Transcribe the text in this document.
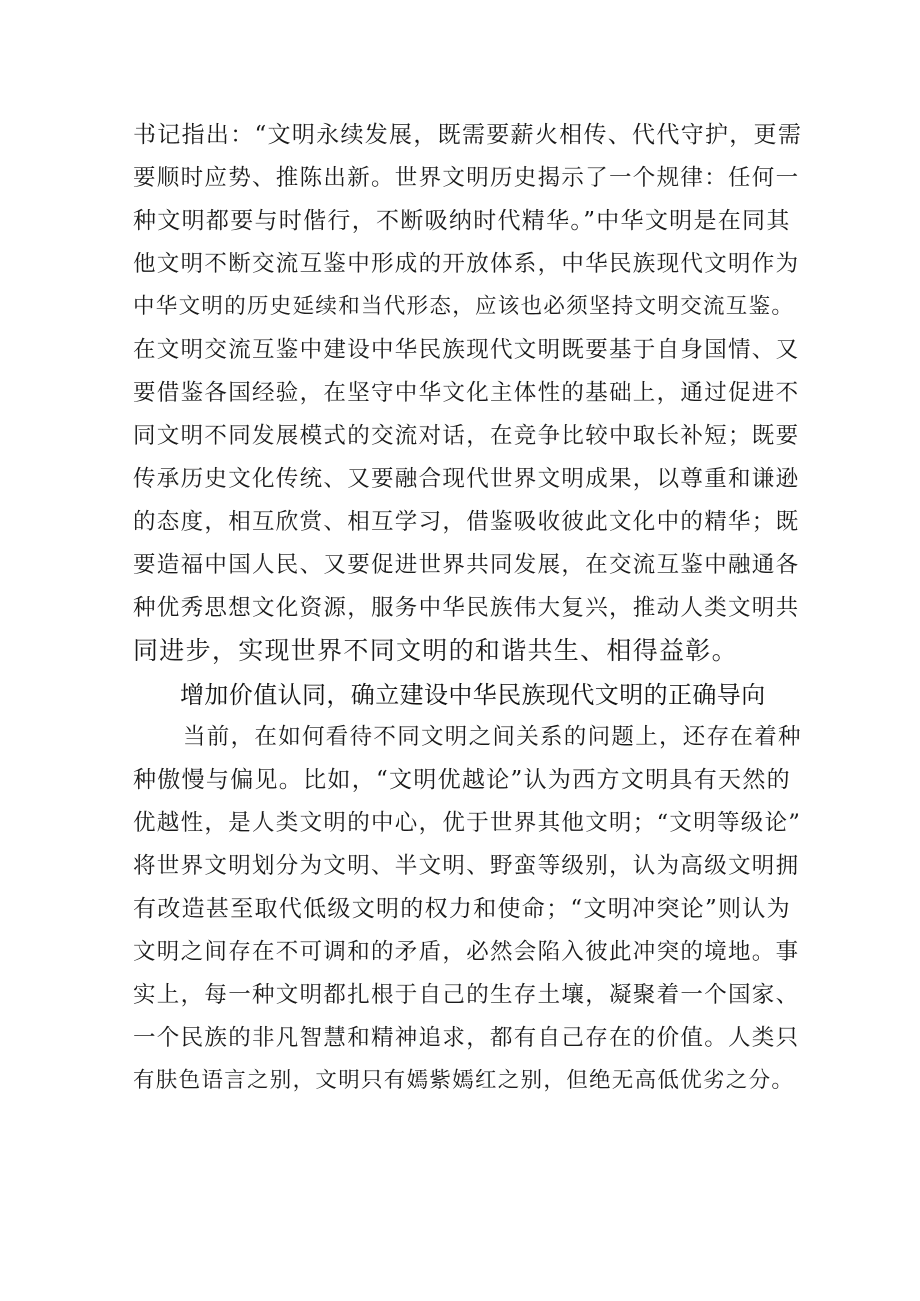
书记指出：“文明永续发展，既需要薪火相传、代代守护，更需
要顺时应势、推陈出新。世界文明历史揭示了一个规律：任何一
种文明都要与时偕行，不断吸纳时代精华。”中华文明是在同其
他文明不断交流互鉴中形成的开放体系，中华民族现代文明作为
中华文明的历史延续和当代形态，应该也必须坚持文明交流互鉴。
在文明交流互鉴中建设中华民族现代文明既要基于自身国情、又
要借鉴各国经验，在坚守中华文化主体性的基础上，通过促进不
同文明不同发展模式的交流对话，在竞争比较中取长补短；既要
传承历史文化传统、又要融合现代世界文明成果，以尊重和谦逊
的态度，相互欣赏、相互学习，借鉴吸收彼此文化中的精华；既
要造福中国人民、又要促进世界共同发展，在交流互鉴中融通各
种优秀思想文化资源，服务中华民族伟大复兴，推动人类文明共
同进步，实现世界不同文明的和谐共生、相得益彰。
增加价值认同，确立建设中华民族现代文明的正确导向
当前，在如何看待不同文明之间关系的问题上，还存在着种
种傲慢与偏见。比如，“文明优越论”认为西方文明具有天然的
优越性，是人类文明的中心，优于世界其他文明；“文明等级论”
将世界文明划分为文明、半文明、野蛮等级别，认为高级文明拥
有改造甚至取代低级文明的权力和使命；“文明冲突论”则认为
文明之间存在不可调和的矛盾，必然会陷入彼此冲突的境地。事
实上，每一种文明都扎根于自己的生存土壤，凝聚着一个国家、
一个民族的非凡智慧和精神追求，都有自己存在的价值。人类只
有肤色语言之别，文明只有嫣紫嫣红之别，但绝无高低优劣之分。
